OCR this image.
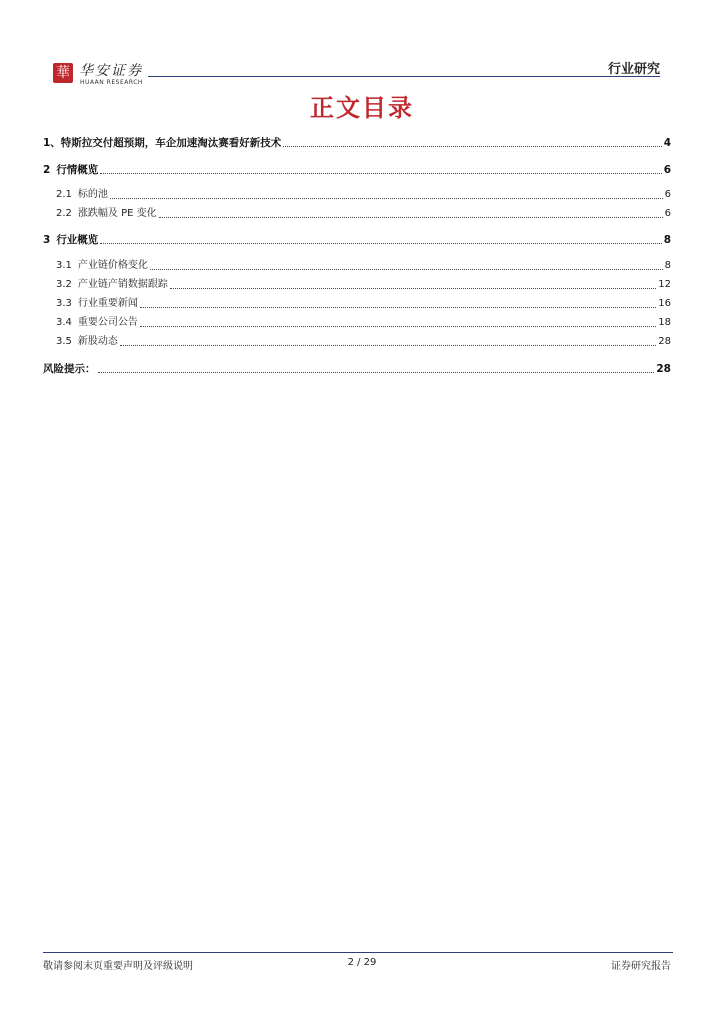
華 华安证券
HUAAN RESEARCH
行业研究
正文目录
1、特斯拉交付超预期，车企加速淘汰赛看好新技术	4
2 行情概览	6
2.1 标的池	6
2.2 涨跌幅及 PE 变化	6
3 行业概览	8
3.1 产业链价格变化	8
3.2 产业链产销数据跟踪	12
3.3 行业重要新闻	16
3.4 重要公司公告	18
3.5 新股动态	28
风险提示：	28
敬请参阅末页重要声明及评级说明	2 / 29	证券研究报告
